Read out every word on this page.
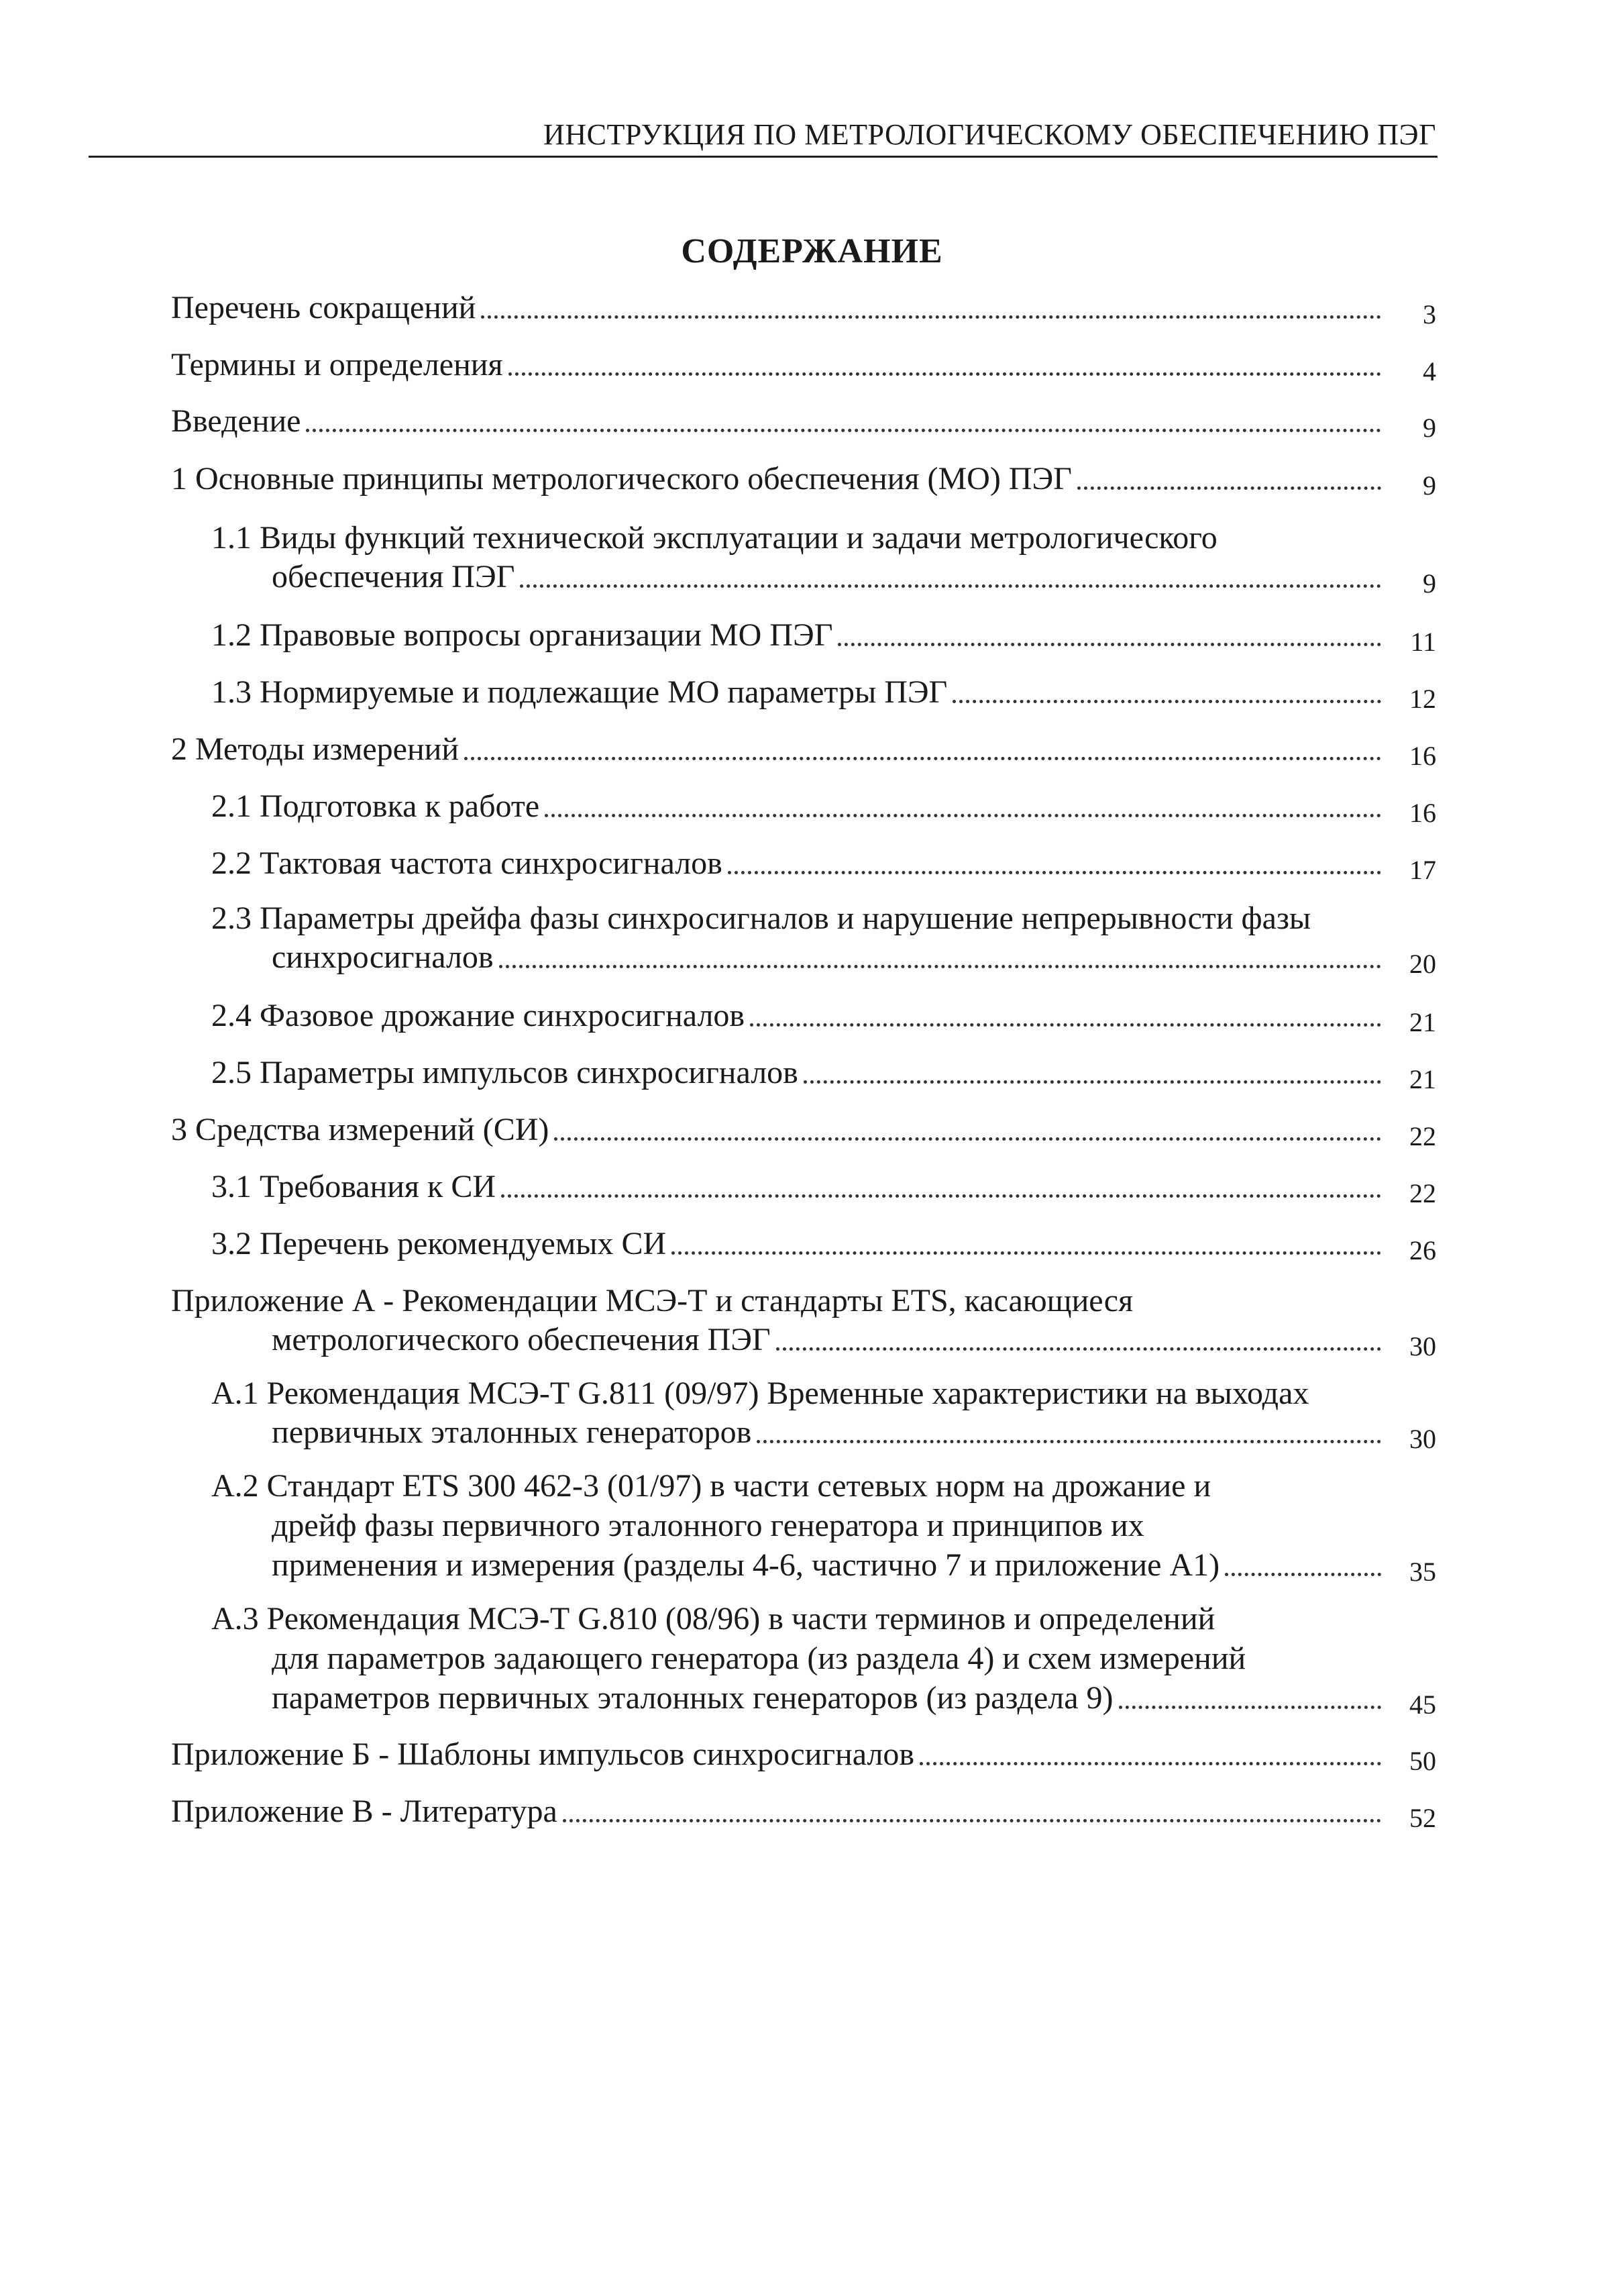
ИНСТРУКЦИЯ ПО МЕТРОЛОГИЧЕСКОМУ ОБЕСПЕЧЕНИЮ ПЭГ
СОДЕРЖАНИЕ
Перечень сокращений	3
Термины и определения	4
Введение	9
1 Основные принципы метрологического обеспечения (МО) ПЭГ	9
1.1 Виды функций технической эксплуатации и задачи метрологического
обеспечения ПЭГ	9
1.2 Правовые вопросы организации МО ПЭГ	11
1.3 Нормируемые и подлежащие МО параметры ПЭГ	12
2 Методы измерений	16
2.1 Подготовка к работе	16
2.2 Тактовая частота синхросигналов	17
2.3 Параметры дрейфа фазы синхросигналов и нарушение непрерывности фазы
синхросигналов	20
2.4 Фазовое дрожание синхросигналов	21
2.5 Параметры импульсов синхросигналов	21
3 Средства измерений (СИ)	22
3.1 Требования к СИ	22
3.2 Перечень рекомендуемых СИ	26
Приложение А - Рекомендации МСЭ-Т и стандарты ETS, касающиеся
метрологического обеспечения ПЭГ	30
А.1 Рекомендация МСЭ-Т G.811 (09/97) Временные характеристики на выходах
первичных эталонных генераторов	30
А.2 Стандарт ETS 300 462-3 (01/97) в части сетевых норм на дрожание и
дрейф фазы первичного эталонного генератора и принципов их
применения и измерения (разделы 4-6, частично 7 и приложение А1)	35
А.3 Рекомендация МСЭ-Т G.810 (08/96) в части терминов и определений
для параметров задающего генератора (из раздела 4) и схем измерений
параметров первичных эталонных генераторов (из раздела 9)	45
Приложение Б - Шаблоны импульсов синхросигналов	50
Приложение В - Литература	52
